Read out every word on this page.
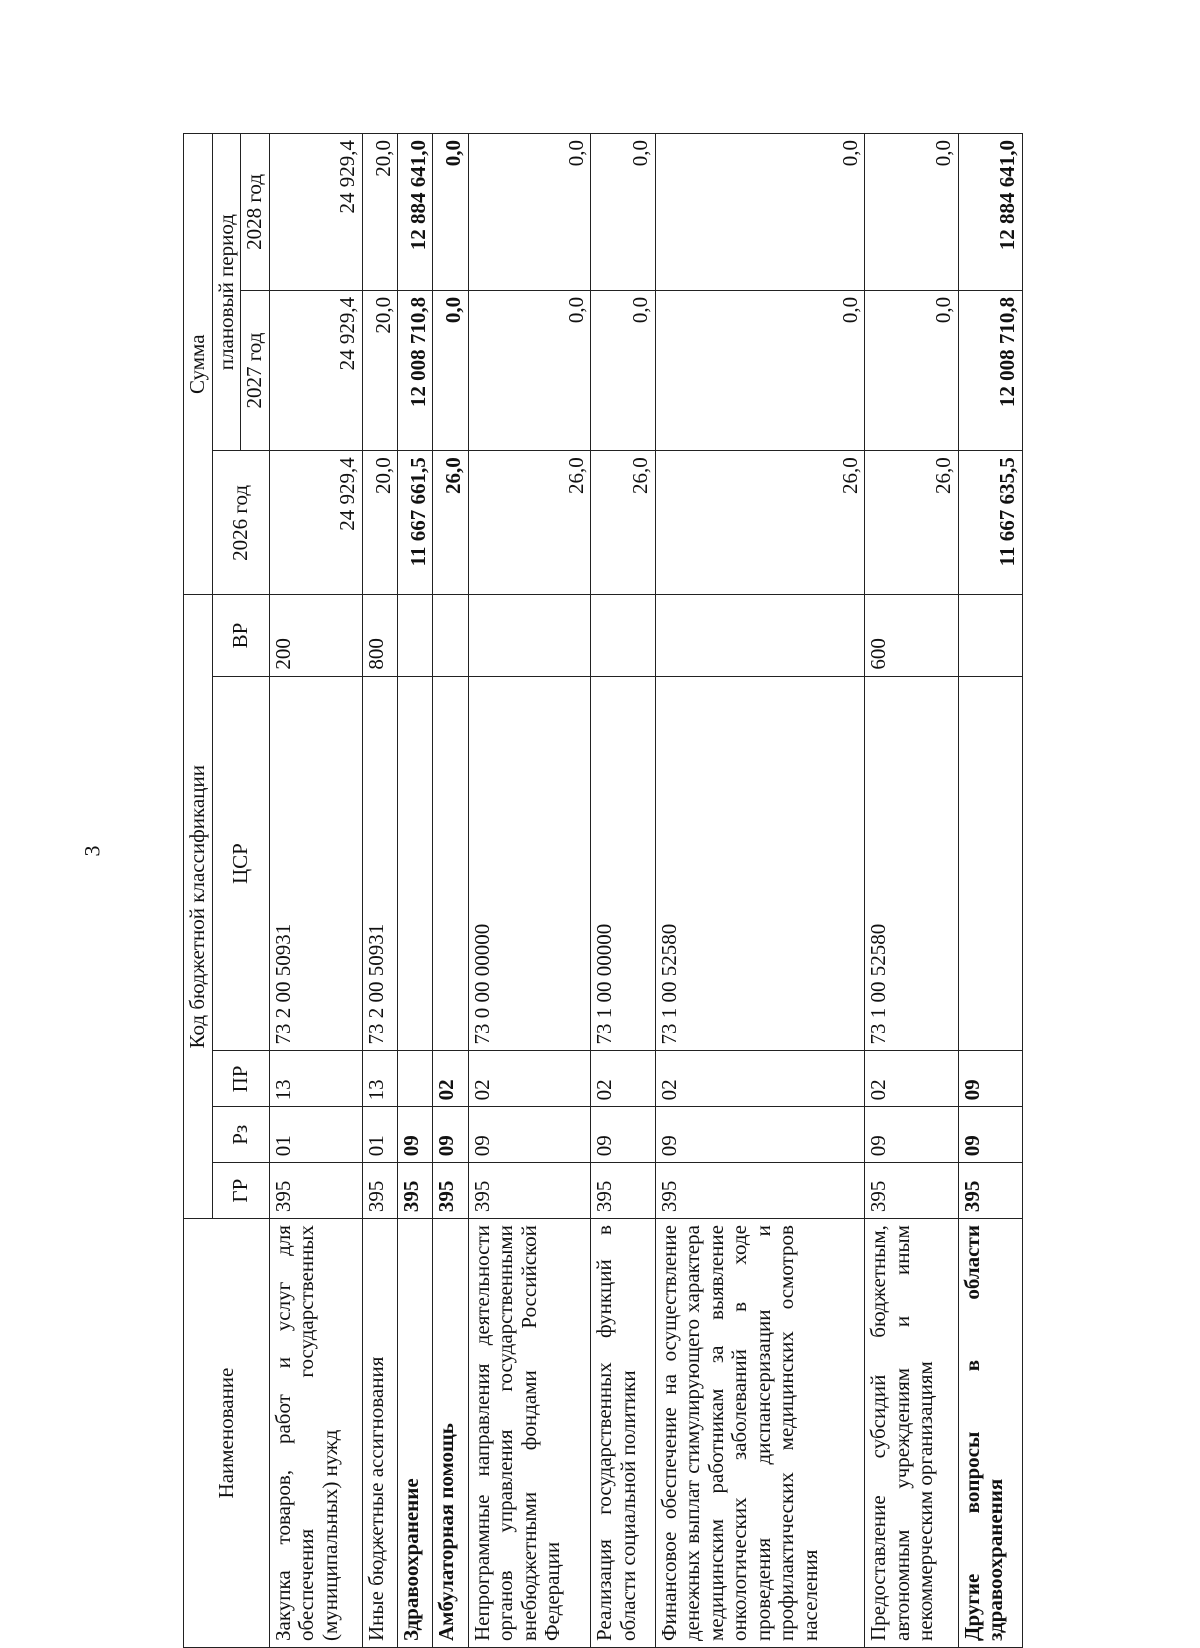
3
Наименование	Код бюджетной классификации					Сумма		
	ГР	Рз	ПР	ЦСР	ВР	2026 год	плановый период	
							2027 год	2028 год
Закупка товаров, работ и услуг для обеспечения государственных (муниципальных) нужд	395	01	13	73 2 00 50931	200	24 929,4	24 929,4	24 929,4
Иные бюджетные ассигнования	395	01	13	73 2 00 50931	800	20,0	20,0	20,0
Здравоохранение	395	09				11 667 661,5	12 008 710,8	12 884 641,0
Амбулаторная помощь	395	09	02			26,0	0,0	0,0
Непрограммные направления деятельности органов управления государственными внебюджетными фондами Российской Федерации	395	09	02	73 0 00 00000		26,0	0,0	0,0
Реализация государственных функций в области социальной политики	395	09	02	73 1 00 00000		26,0	0,0	0,0
Финансовое обеспечение на осуществление денежных выплат стимулирующего характера медицинским работникам за выявление онкологических заболеваний в ходе проведения диспансеризации и профилактических медицинских осмотров населения	395	09	02	73 1 00 52580		26,0	0,0	0,0
Предоставление субсидий бюджетным, автономным учреждениям и иным некоммерческим организациям	395	09	02	73 1 00 52580	600	26,0	0,0	0,0
Другие вопросы в области здравоохранения	395	09	09			11 667 635,5	12 008 710,8	12 884 641,0
